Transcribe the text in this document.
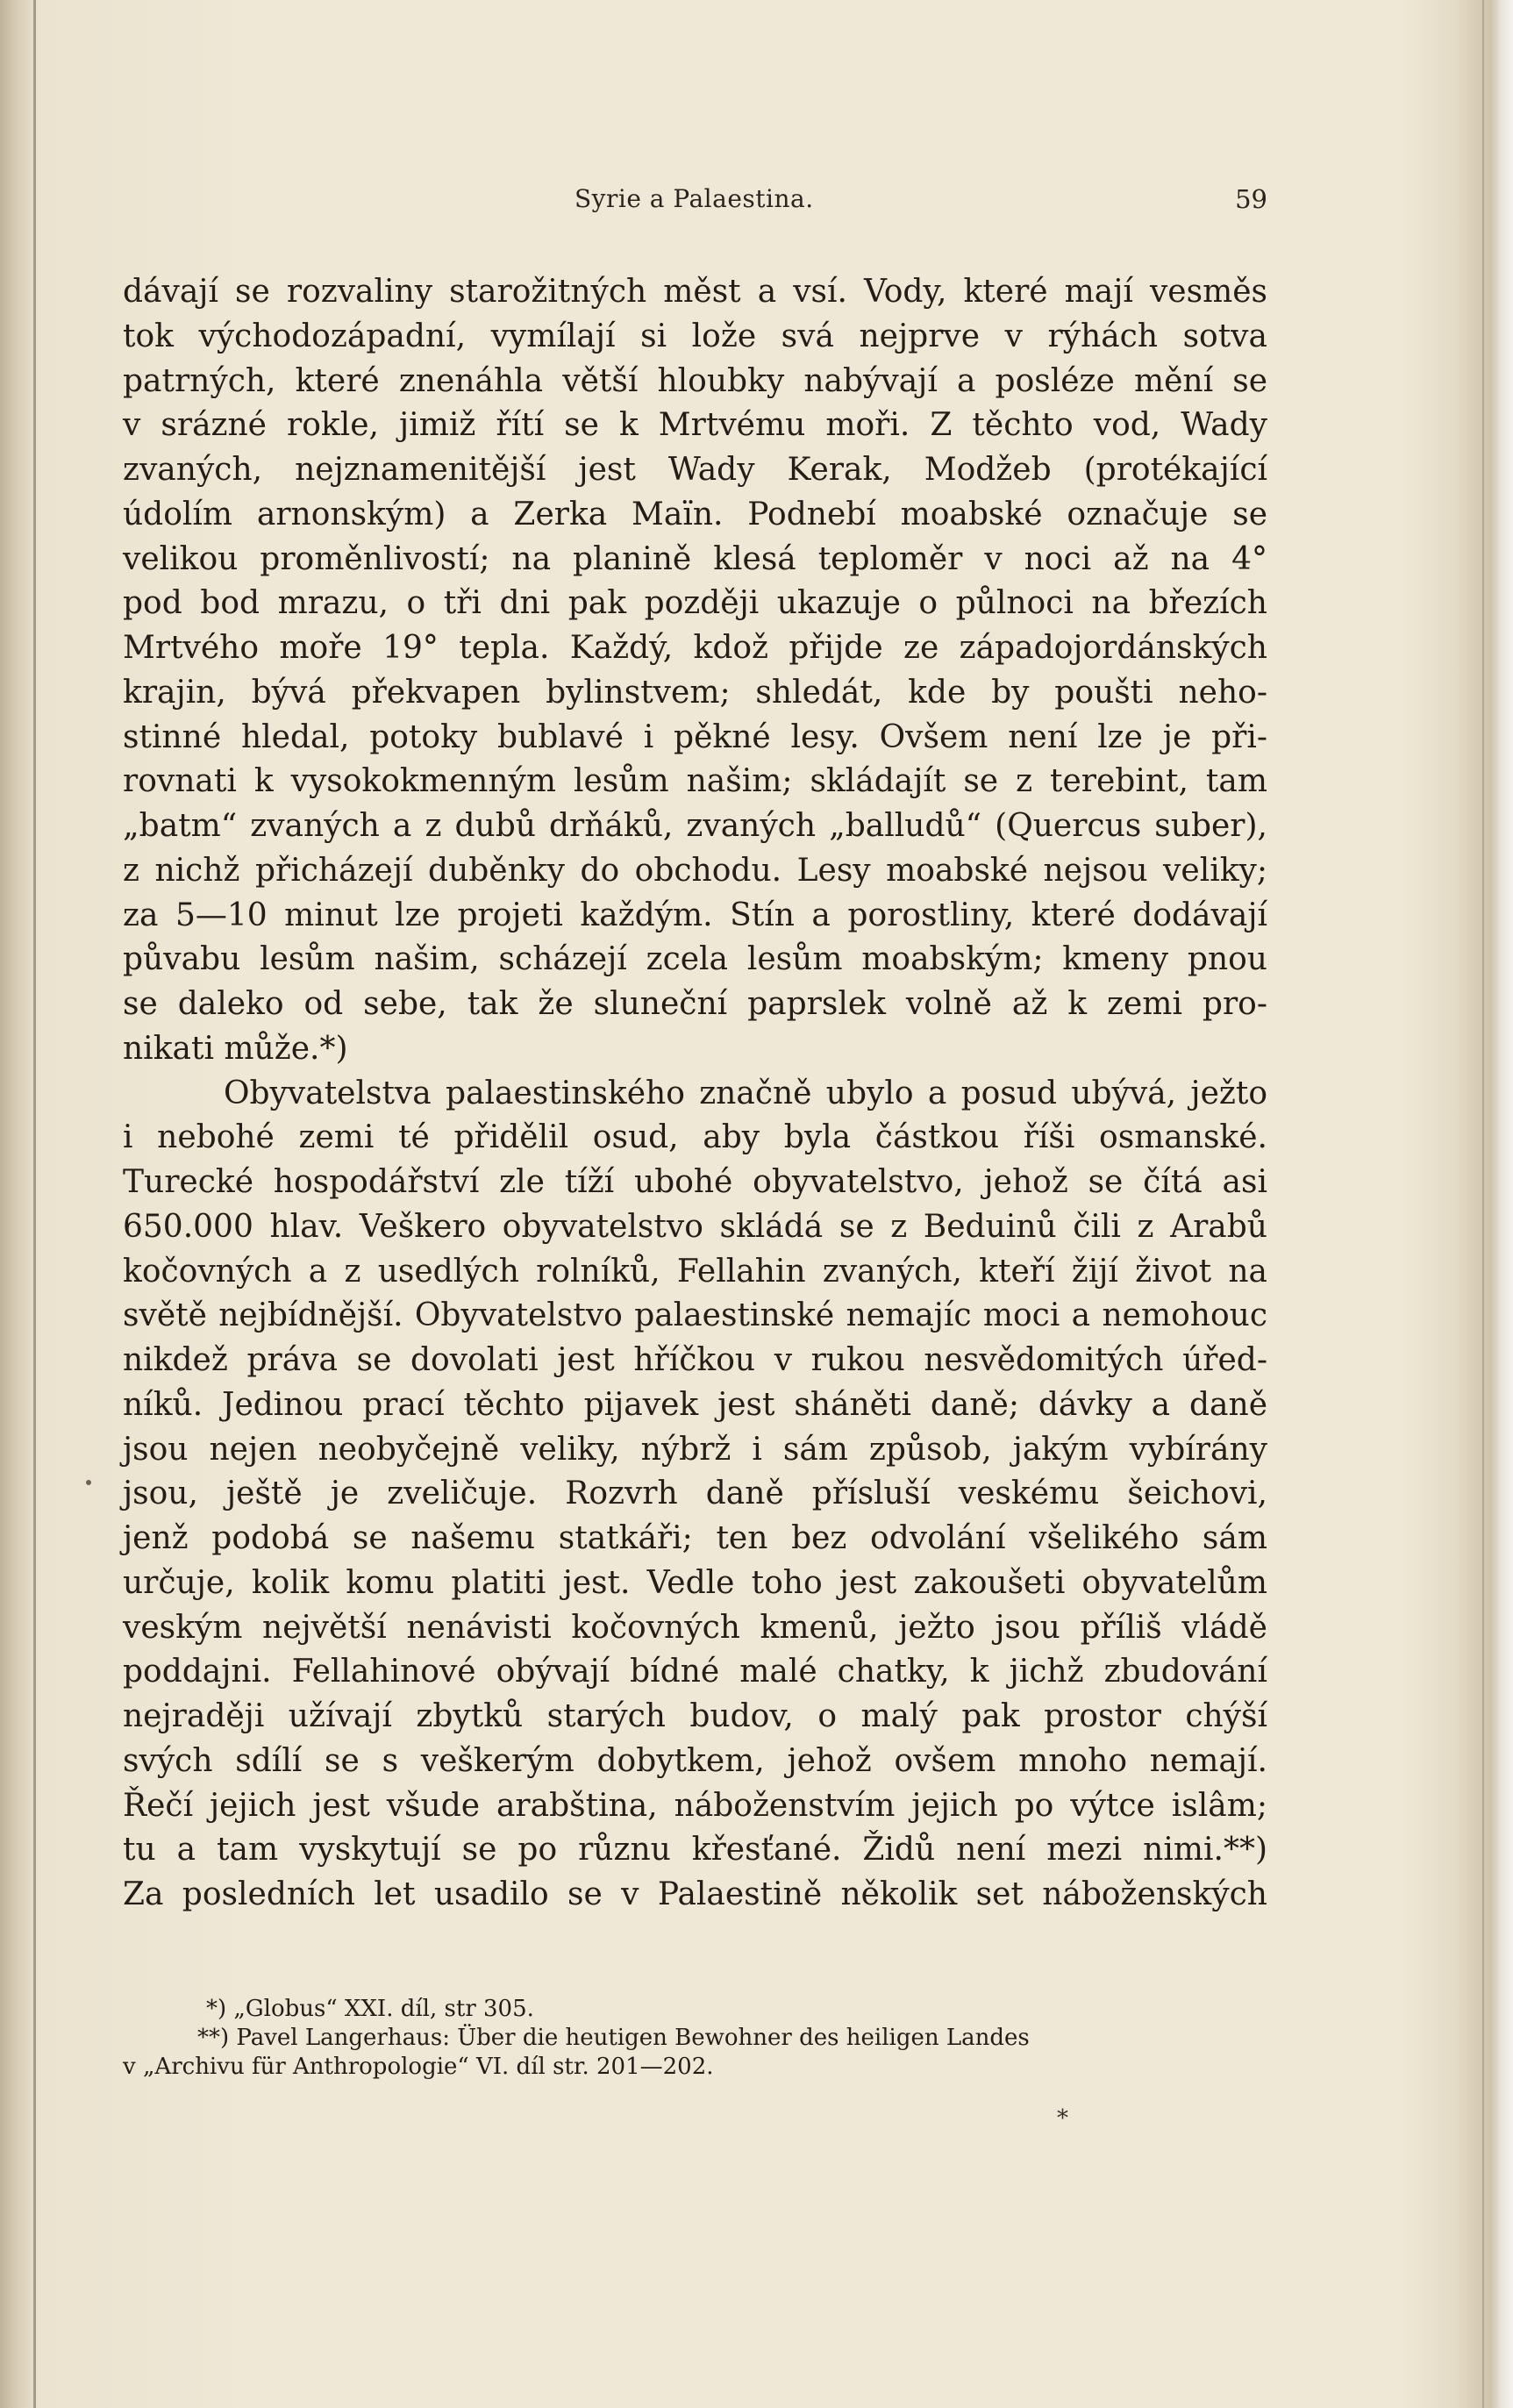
Syrie a Palaestina.	59
dávají se rozvaliny starožitných měst a vsí. Vody, které mají vesměs
tok východozápadní, vymílají si lože svá nejprve v rýhách sotva
patrných, které znenáhla větší hloubky nabývají a posléze mění se
v srázné rokle, jimiž řítí se k Mrtvému moři. Z těchto vod, Wady
zvaných, nejznamenitější jest Wady Kerak, Modžeb (protékající
údolím arnonským) a Zerka Maïn. Podnebí moabské označuje se
velikou proměnlivostí; na planině klesá teploměr v noci až na 4°
pod bod mrazu, o tři dni pak později ukazuje o půlnoci na březích
Mrtvého moře 19° tepla. Každý, kdož přijde ze západojordánských
krajin, bývá překvapen bylinstvem; shledát, kde by poušti neho-
stinné hledal, potoky bublavé i pěkné lesy. Ovšem není lze je při-
rovnati k vysokokmenným lesům našim; skládajít se z terebint, tam
„batm“ zvaných a z dubů drňáků, zvaných „balludů“ (Quercus suber),
z nichž přicházejí duběnky do obchodu. Lesy moabské nejsou veliky;
za 5—10 minut lze projeti každým. Stín a porostliny, které dodávají
půvabu lesům našim, scházejí zcela lesům moabským; kmeny pnou
se daleko od sebe, tak že sluneční paprslek volně až k zemi pro-
nikati může.*)
Obyvatelstva palaestinského značně ubylo a posud ubývá, ježto
i nebohé zemi té přidělil osud, aby byla částkou říši osmanské.
Turecké hospodářství zle tíží ubohé obyvatelstvo, jehož se čítá asi
650.000 hlav. Veškero obyvatelstvo skládá se z Beduinů čili z Arabů
kočovných a z usedlých rolníků, Fellahin zvaných, kteří žijí život na
světě nejbídnější. Obyvatelstvo palaestinské nemajíc moci a nemohouc
nikdež práva se dovolati jest hříčkou v rukou nesvědomitých úřed-
níků. Jedinou prací těchto pijavek jest sháněti daně; dávky a daně
jsou nejen neobyčejně veliky, nýbrž i sám způsob, jakým vybírány
jsou, ještě je zveličuje. Rozvrh daně přísluší veskému šeichovi,
jenž podobá se našemu statkáři; ten bez odvolání všelikého sám
určuje, kolik komu platiti jest. Vedle toho jest zakoušeti obyvatelům
veským největší nenávisti kočovných kmenů, ježto jsou příliš vládě
poddajni. Fellahinové obývají bídné malé chatky, k jichž zbudování
nejraději užívají zbytků starých budov, o malý pak prostor chýší
svých sdílí se s veškerým dobytkem, jehož ovšem mnoho nemají.
Řečí jejich jest všude arabština, náboženstvím jejich po výtce islâm;
tu a tam vyskytují se po různu křesťané. Židů není mezi nimi.**)
Za posledních let usadilo se v Palaestině několik set náboženských
*) „Globus“ XXI. díl, str 305.
**) Pavel Langerhaus: Über die heutigen Bewohner des heiligen Landes
v „Archivu für Anthropologie“ VI. díl str. 201—202.
*
